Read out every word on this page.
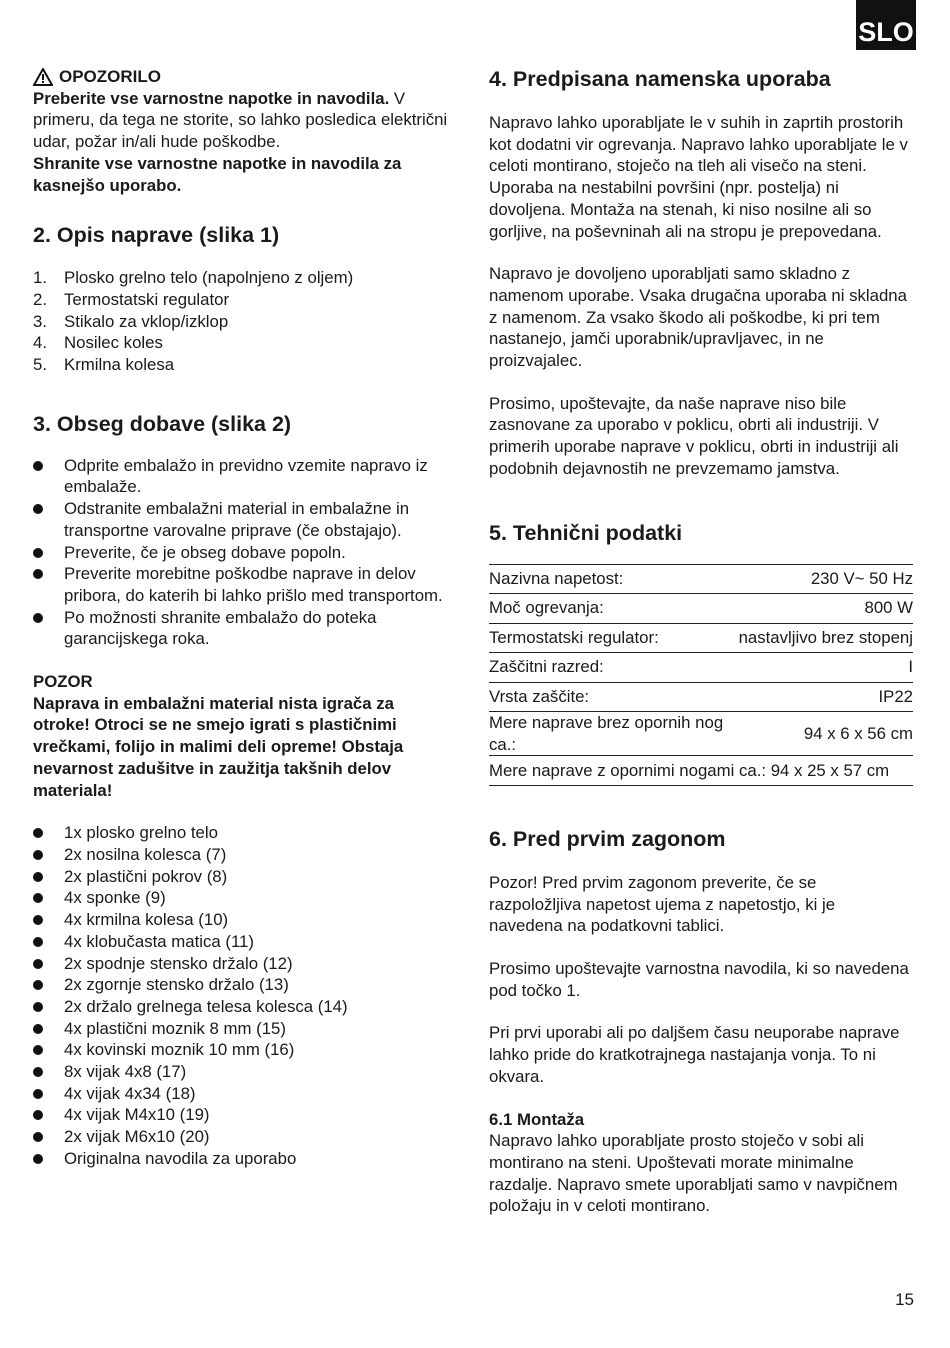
SLO
OPOZORILO

Preberite vse varnostne napotke in navodila. V primeru, da tega ne storite, so lahko posledica električni udar, požar in/ali hude poškodbe.

Shranite vse varnostne napotke in navodila za kasnejšo uporabo.

2. Opis naprave (slika 1)
1.	Plosko grelno telo (napolnjeno z oljem)
2.	Termostatski regulator
3.	Stikalo za vklop/izklop
4.	Nosilec koles
5.	Krmilna kolesa
3. Obseg dobave (slika 2)
Odprite embalažo in previdno vzemite napravo iz embalaže.
Odstranite embalažni material in embalažne in transportne varovalne priprave (če obstajajo).
Preverite, če je obseg dobave popoln.
Preverite morebitne poškodbe naprave in delov pribora, do katerih bi lahko prišlo med transportom.
Po možnosti shranite embalažo do poteka garancijskega roka.

POZOR

Naprava in embalažni material nista igrača za otroke! Otroci se ne smejo igrati s plastičnimi vrečkami, folijo in malimi deli opreme! Obstaja nevarnost zadušitve in zaužitja takšnih delov materiala!

1x plosko grelno telo
2x nosilna kolesca (7)
2x plastični pokrov (8)
4x sponke (9)
4x krmilna kolesa (10)
4x klobučasta matica (11)
2x spodnje stensko držalo (12)
2x zgornje stensko držalo (13)
2x držalo grelnega telesa kolesca (14)
4x plastični moznik 8 mm (15)
4x kovinski moznik 10 mm (16)
8x vijak 4x8 (17)
4x vijak 4x34 (18)
4x vijak M4x10 (19)
2x vijak M6x10 (20)
Originalna navodila za uporabo
4. Predpisana namenska uporaba

Napravo lahko uporabljate le v suhih in zaprtih prostorih kot dodatni vir ogrevanja. Napravo lahko uporabljate le v celoti montirano, stoječo na tleh ali visečo na steni. Uporaba na nestabilni površini (npr. postelja) ni dovoljena. Montaža na stenah, ki niso nosilne ali so gorljive, na poševninah ali na stropu je prepovedana.

Napravo je dovoljeno uporabljati samo skladno z namenom uporabe. Vsaka drugačna uporaba ni skladna z namenom. Za vsako škodo ali poškodbe, ki pri tem nastanejo, jamči uporabnik/upravljavec, in ne proizvajalec.

Prosimo, upoštevajte, da naše naprave niso bile zasnovane za uporabo v poklicu, obrti ali industriji. V primerih uporabe naprave v poklicu, obrti in industriji ali podobnih dejavnostih ne prevzemamo jamstva.

5. Tehnični podatki
Nazivna napetost:	230 V~ 50 Hz
Moč ogrevanja:	800 W
Termostatski regulator:	nastavljivo brez stopenj
Zaščitni razred:	I
Vrsta zaščite:	IP22
Mere naprave brez opornih nog ca.:	94 x 6 x 56 cm
Mere naprave z opornimi nogami ca.: 94 x 25 x 57 cm	
6. Pred prvim zagonom

Pozor! Pred prvim zagonom preverite, če se razpoložljiva napetost ujema z napetostjo, ki je navedena na podatkovni tablici.

Prosimo upoštevajte varnostna navodila, ki so navedena pod točko 1.

Pri prvi uporabi ali po daljšem času neuporabe naprave lahko pride do kratkotrajnega nastajanja vonja. To ni okvara.

6.1 Montaža

Napravo lahko uporabljate prosto stoječo v sobi ali montirano na steni. Upoštevati morate minimalne razdalje. Napravo smete uporabljati samo v navpičnem položaju in v celoti montirano.

15
